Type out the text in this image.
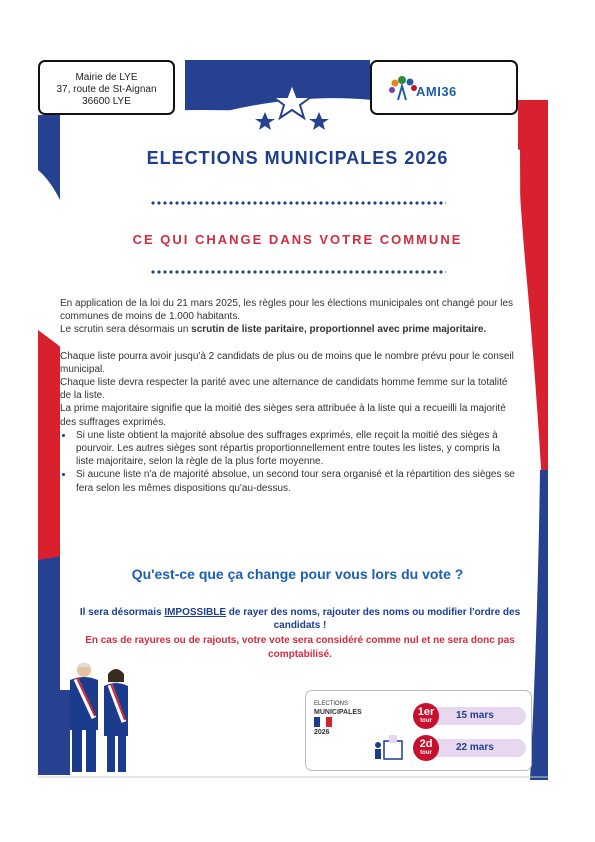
Mairie de LYE
37, route de St-Aignan
36600 LYE
AMI36
ELECTIONS MUNICIPALES 2026
CE QUI CHANGE DANS VOTRE COMMUNE

En application de la loi du 21 mars 2025, les règles pour les élections municipales ont changé pour les communes de moins de 1.000 habitants.

Le scrutin sera désormais un scrutin de liste paritaire, proportionnel avec prime majoritaire.

Chaque liste pourra avoir jusqu'à 2 candidats de plus ou de moins que le nombre prévu pour le conseil municipal.

Chaque liste devra respecter la parité avec une alternance de candidats homme femme sur la totalité de la liste.

La prime majoritaire signifie que la moitié des sièges sera attribuée à la liste qui a recueilli la majorité des suffrages exprimés.

• Si une liste obtient la majorité absolue des suffrages exprimés, elle reçoit la moitié des sièges à pourvoir. Les autres sièges sont répartis proportionnellement entre toutes les listes, y compris la liste majoritaire, selon la règle de la plus forte moyenne.
• Si aucune liste n'a de majorité absolue, un second tour sera organisé et la répartition des sièges se fera selon les mêmes dispositions qu'au-dessus.
Qu'est-ce que ça change pour vous lors du vote ?
Il sera désormais IMPOSSIBLE de rayer des noms, rajouter des noms ou modifier l'ordre des candidats !
En cas de rayures ou de rajouts, votre vote sera considéré comme nul et ne sera donc pas comptabilisé.
ELECTIONS
MUNICIPALES
2026
15 mars
1er
tour
22 mars
2d
tour
